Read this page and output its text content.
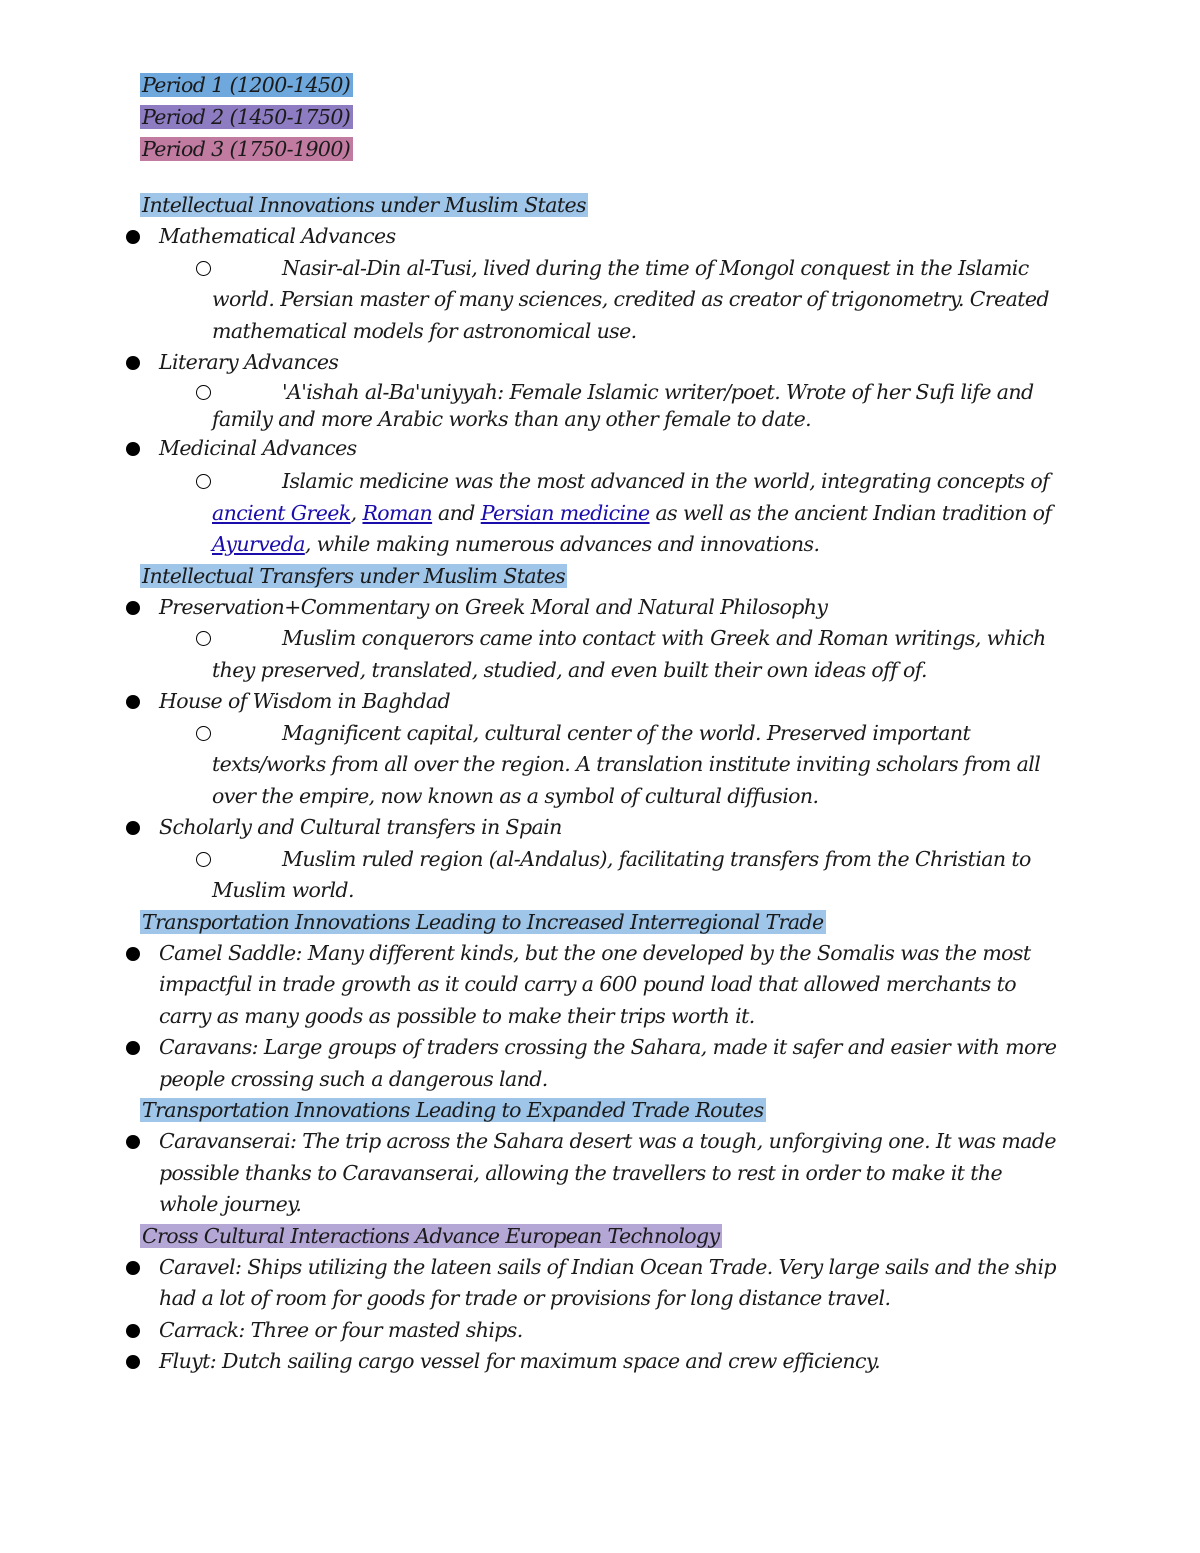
Period 1 (1200-1450)
Period 2 (1450-1750)
Period 3 (1750-1900)
Intellectual Innovations under Muslim States
Mathematical Advances
Nasir-al-Din al-Tusi, lived during the time of Mongol conquest in the Islamic world. Persian master of many sciences, credited as creator of trigonometry. Created mathematical models for astronomical use.
Literary Advances
'A'ishah al-Ba'uniyyah: Female Islamic writer/poet. Wrote of her Sufi life and family and more Arabic works than any other female to date.
Medicinal Advances
Islamic medicine was the most advanced in the world, integrating concepts of ancient Greek, Roman and Persian medicine as well as the ancient Indian tradition of Ayurveda, while making numerous advances and innovations.
Intellectual Transfers under Muslim States
Preservation+Commentary on Greek Moral and Natural Philosophy
Muslim conquerors came into contact with Greek and Roman writings, which they preserved, translated, studied, and even built their own ideas off of.
House of Wisdom in Baghdad
Magnificent capital, cultural center of the world. Preserved important texts/works from all over the region. A translation institute inviting scholars from all over the empire, now known as a symbol of cultural diffusion.
Scholarly and Cultural transfers in Spain
Muslim ruled region (al-Andalus), facilitating transfers from the Christian to Muslim world.
Transportation Innovations Leading to Increased Interregional Trade
Camel Saddle: Many different kinds, but the one developed by the Somalis was the most impactful in trade growth as it could carry a 600 pound load that allowed merchants to carry as many goods as possible to make their trips worth it.
Caravans: Large groups of traders crossing the Sahara, made it safer and easier with more people crossing such a dangerous land.
Transportation Innovations Leading to Expanded Trade Routes
Caravanserai: The trip across the Sahara desert was a tough, unforgiving one. It was made possible thanks to Caravanserai, allowing the travellers to rest in order to make it the whole journey.
Cross Cultural Interactions Advance European Technology
Caravel: Ships utilizing the lateen sails of Indian Ocean Trade. Very large sails and the ship had a lot of room for goods for trade or provisions for long distance travel.
Carrack: Three or four masted ships.
Fluyt: Dutch sailing cargo vessel for maximum space and crew efficiency.
